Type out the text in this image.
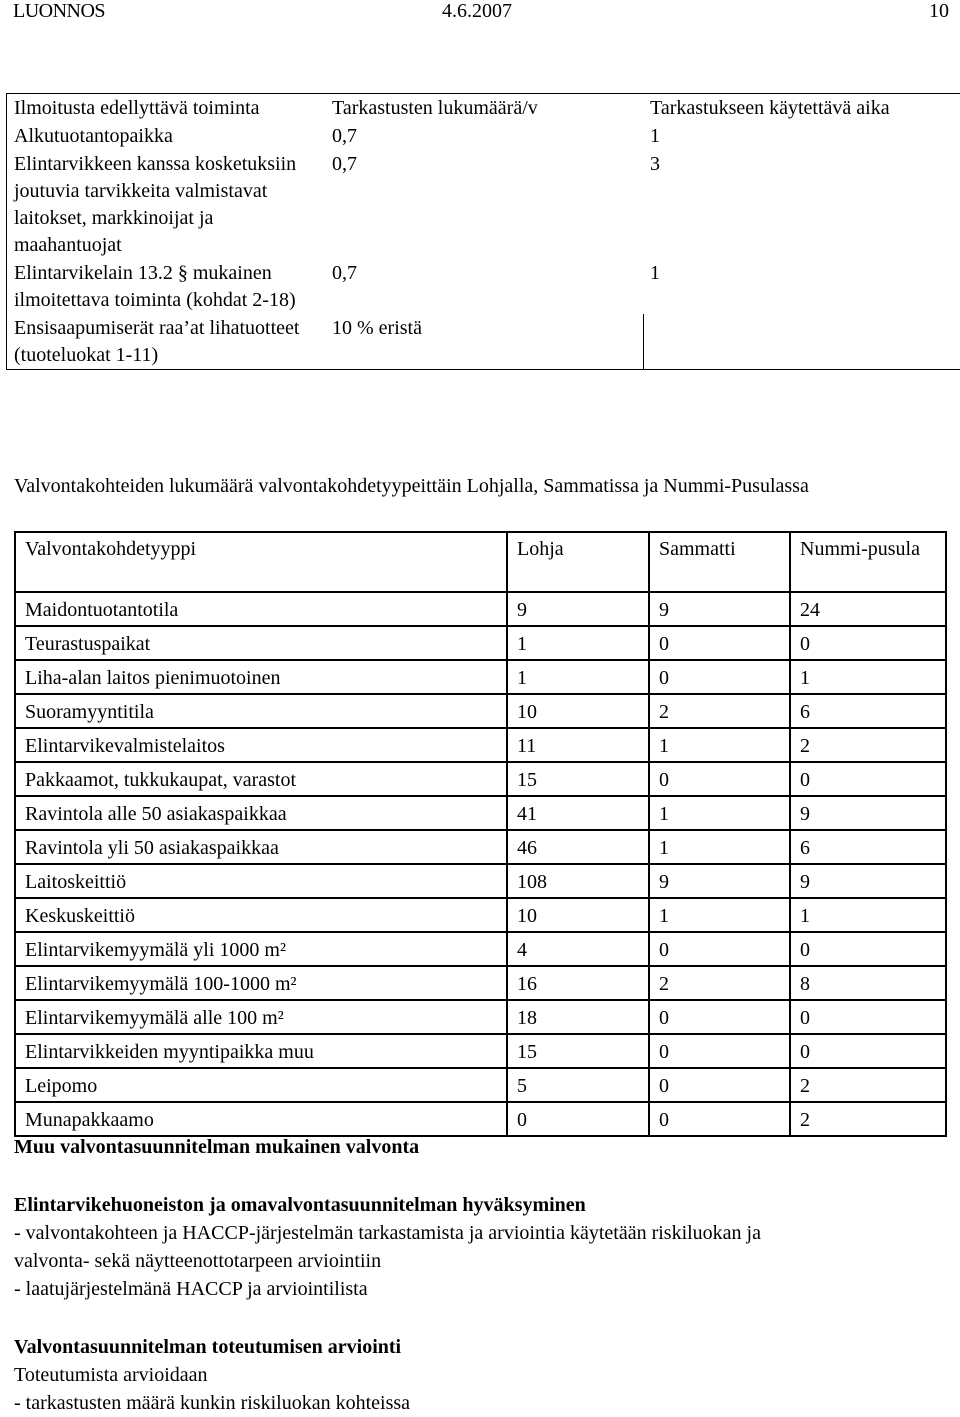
LUONNOS	4.6.2007	10
Ilmoitusta edellyttävä toiminta	Tarkastusten lukumäärä/v	Tarkastukseen käytettävä aika
Alkutuotantopaikka	0,7	1
Elintarvikkeen kanssa kosketuksiin joutuvia tarvikkeita valmistavat laitokset, markkinoijat ja maahantuojat	0,7	3
Elintarvikelain 13.2 § mukainen ilmoitettava toiminta (kohdat 2-18)	0,7	1
Ensisaapumiserät raa’at lihatuotteet (tuoteluokat 1-11)	10 % eristä	
Valvontakohteiden lukumäärä valvontakohdetyypeittäin Lohjalla, Sammatissa ja Nummi-Pusulassa
Valvontakohdetyyppi	Lohja	Sammatti	Nummi-pusula
Maidontuotantotila	9	9	24
Teurastuspaikat	1	0	0
Liha-alan laitos pienimuotoinen	1	0	1
Suoramyyntitila	10	2	6
Elintarvikevalmistelaitos	11	1	2
Pakkaamot, tukkukaupat, varastot	15	0	0
Ravintola alle 50 asiakaspaikkaa	41	1	9
Ravintola yli 50 asiakaspaikkaa	46	1	6
Laitoskeittiö	108	9	9
Keskuskeittiö	10	1	1
Elintarvikemyymälä yli 1000 m²	4	0	0
Elintarvikemyymälä 100-1000 m²	16	2	8
Elintarvikemyymälä alle 100 m²	18	0	0
Elintarvikkeiden myyntipaikka muu	15	0	0
Leipomo	5	0	2
Munapakkaamo	0	0	2
Muu valvontasuunnitelman mukainen valvonta
Elintarvikehuoneiston ja omavalvontasuunnitelman hyväksyminen
- valvontakohteen ja HACCP-järjestelmän tarkastamista ja arviointia käytetään riskiluokan ja
valvonta- sekä näytteenottotarpeen arviointiin
- laatujärjestelmänä HACCP ja arviointilista
Valvontasuunnitelman toteutumisen arviointi
Toteutumista arvioidaan
- tarkastusten määrä kunkin riskiluokan kohteissa
